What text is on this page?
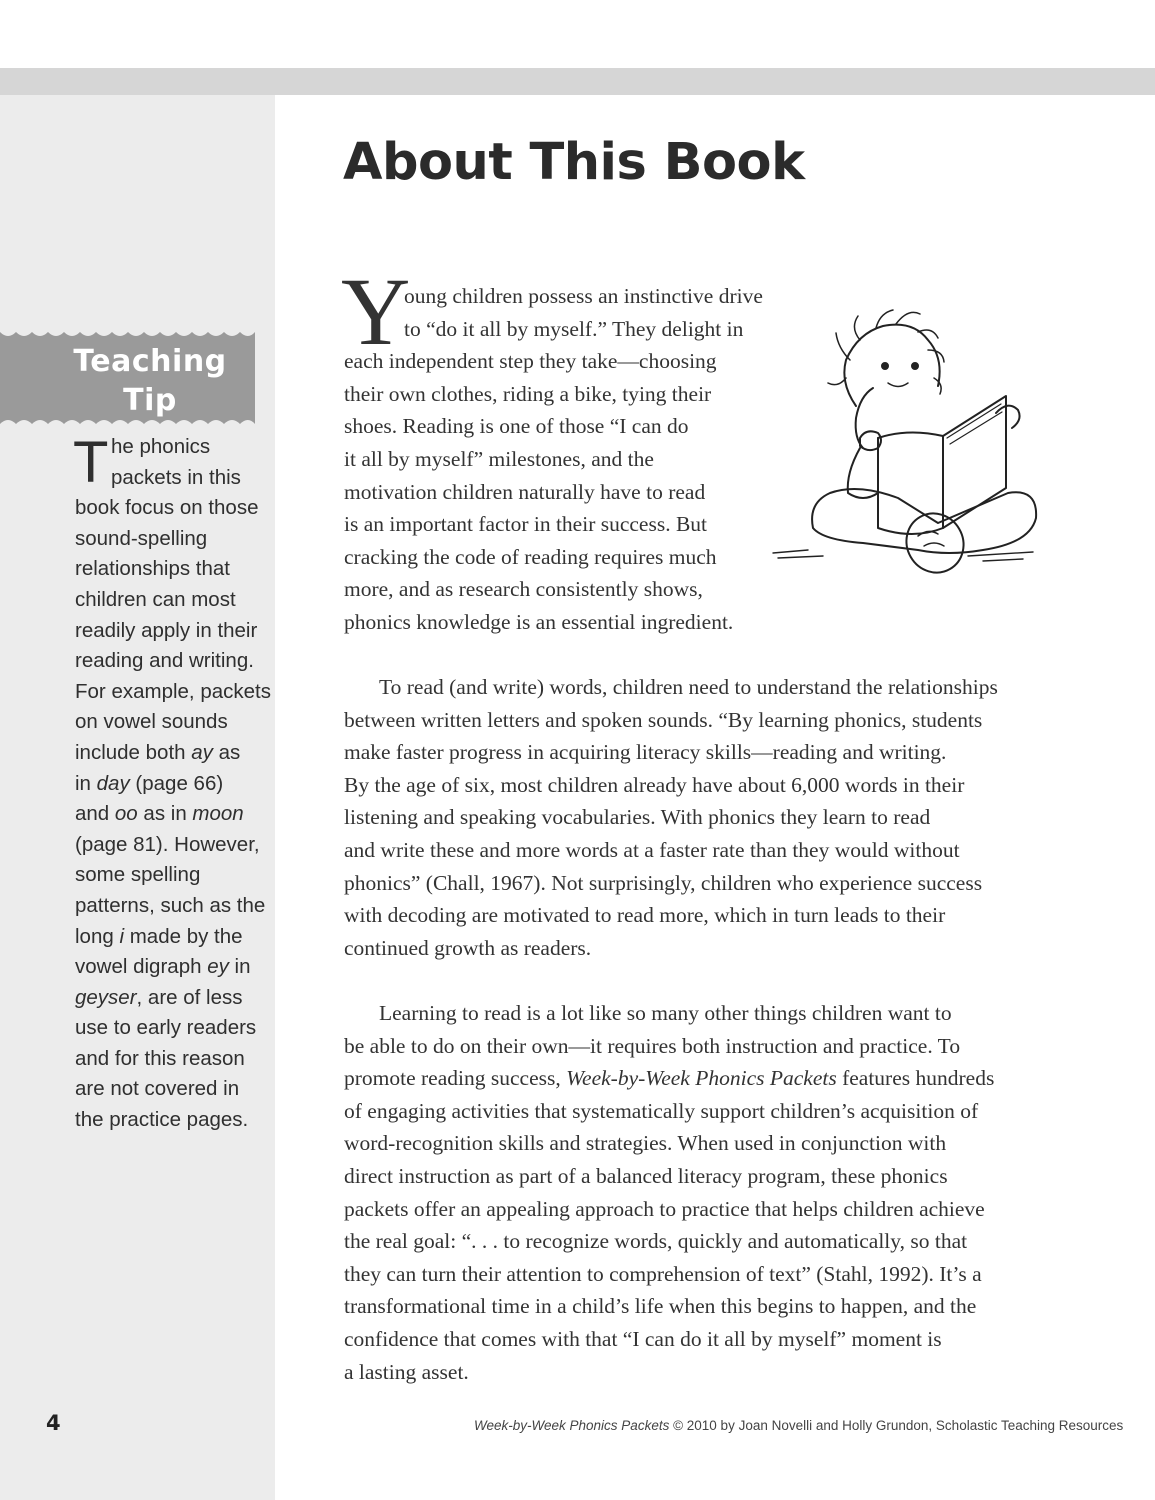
Teaching
Tip
T he phonics
packets in this
book focus on those
sound-spelling
relationships that
children can most
readily apply in their
reading and writing.
For example, packets
on vowel sounds
include both ay as
in day (page 66)
and oo as in moon
(page 81). However,
some spelling
patterns, such as the
long i made by the
vowel digraph ey in
geyser, are of less
use to early readers
and for this reason
are not covered in
the practice pages.
About This Book
Y
oung children possess an instinctive drive
to “do it all by myself.” They delight in
each independent step they take—choosing
their own clothes, riding a bike, tying their
shoes. Reading is one of those “I can do
it all by myself” milestones, and the
motivation children naturally have to read
is an important factor in their success. But
cracking the code of reading requires much
more, and as research consistently shows,
phonics knowledge is an essential ingredient.
To read (and write) words, children need to understand the relationships
between written letters and spoken sounds. “By learning phonics, students
make faster progress in acquiring literacy skills—reading and writing.
By the age of six, most children already have about 6,000 words in their
listening and speaking vocabularies. With phonics they learn to read
and write these and more words at a faster rate than they would without
phonics” (Chall, 1967). Not surprisingly, children who experience success
with decoding are motivated to read more, which in turn leads to their
continued growth as readers.
Learning to read is a lot like so many other things children want to
be able to do on their own—it requires both instruction and practice. To
promote reading success, Week-by-Week Phonics Packets features hundreds
of engaging activities that systematically support children’s acquisition of
word-recognition skills and strategies. When used in conjunction with
direct instruction as part of a balanced literacy program, these phonics
packets offer an appealing approach to practice that helps children achieve
the real goal: “. . . to recognize words, quickly and automatically, so that
they can turn their attention to comprehension of text” (Stahl, 1992). It’s a
transformational time in a child’s life when this begins to happen, and the
confidence that comes with that “I can do it all by myself” moment is
a lasting asset.
4	Week-by-Week Phonics Packets © 2010 by Joan Novelli and Holly Grundon, Scholastic Teaching Resources
